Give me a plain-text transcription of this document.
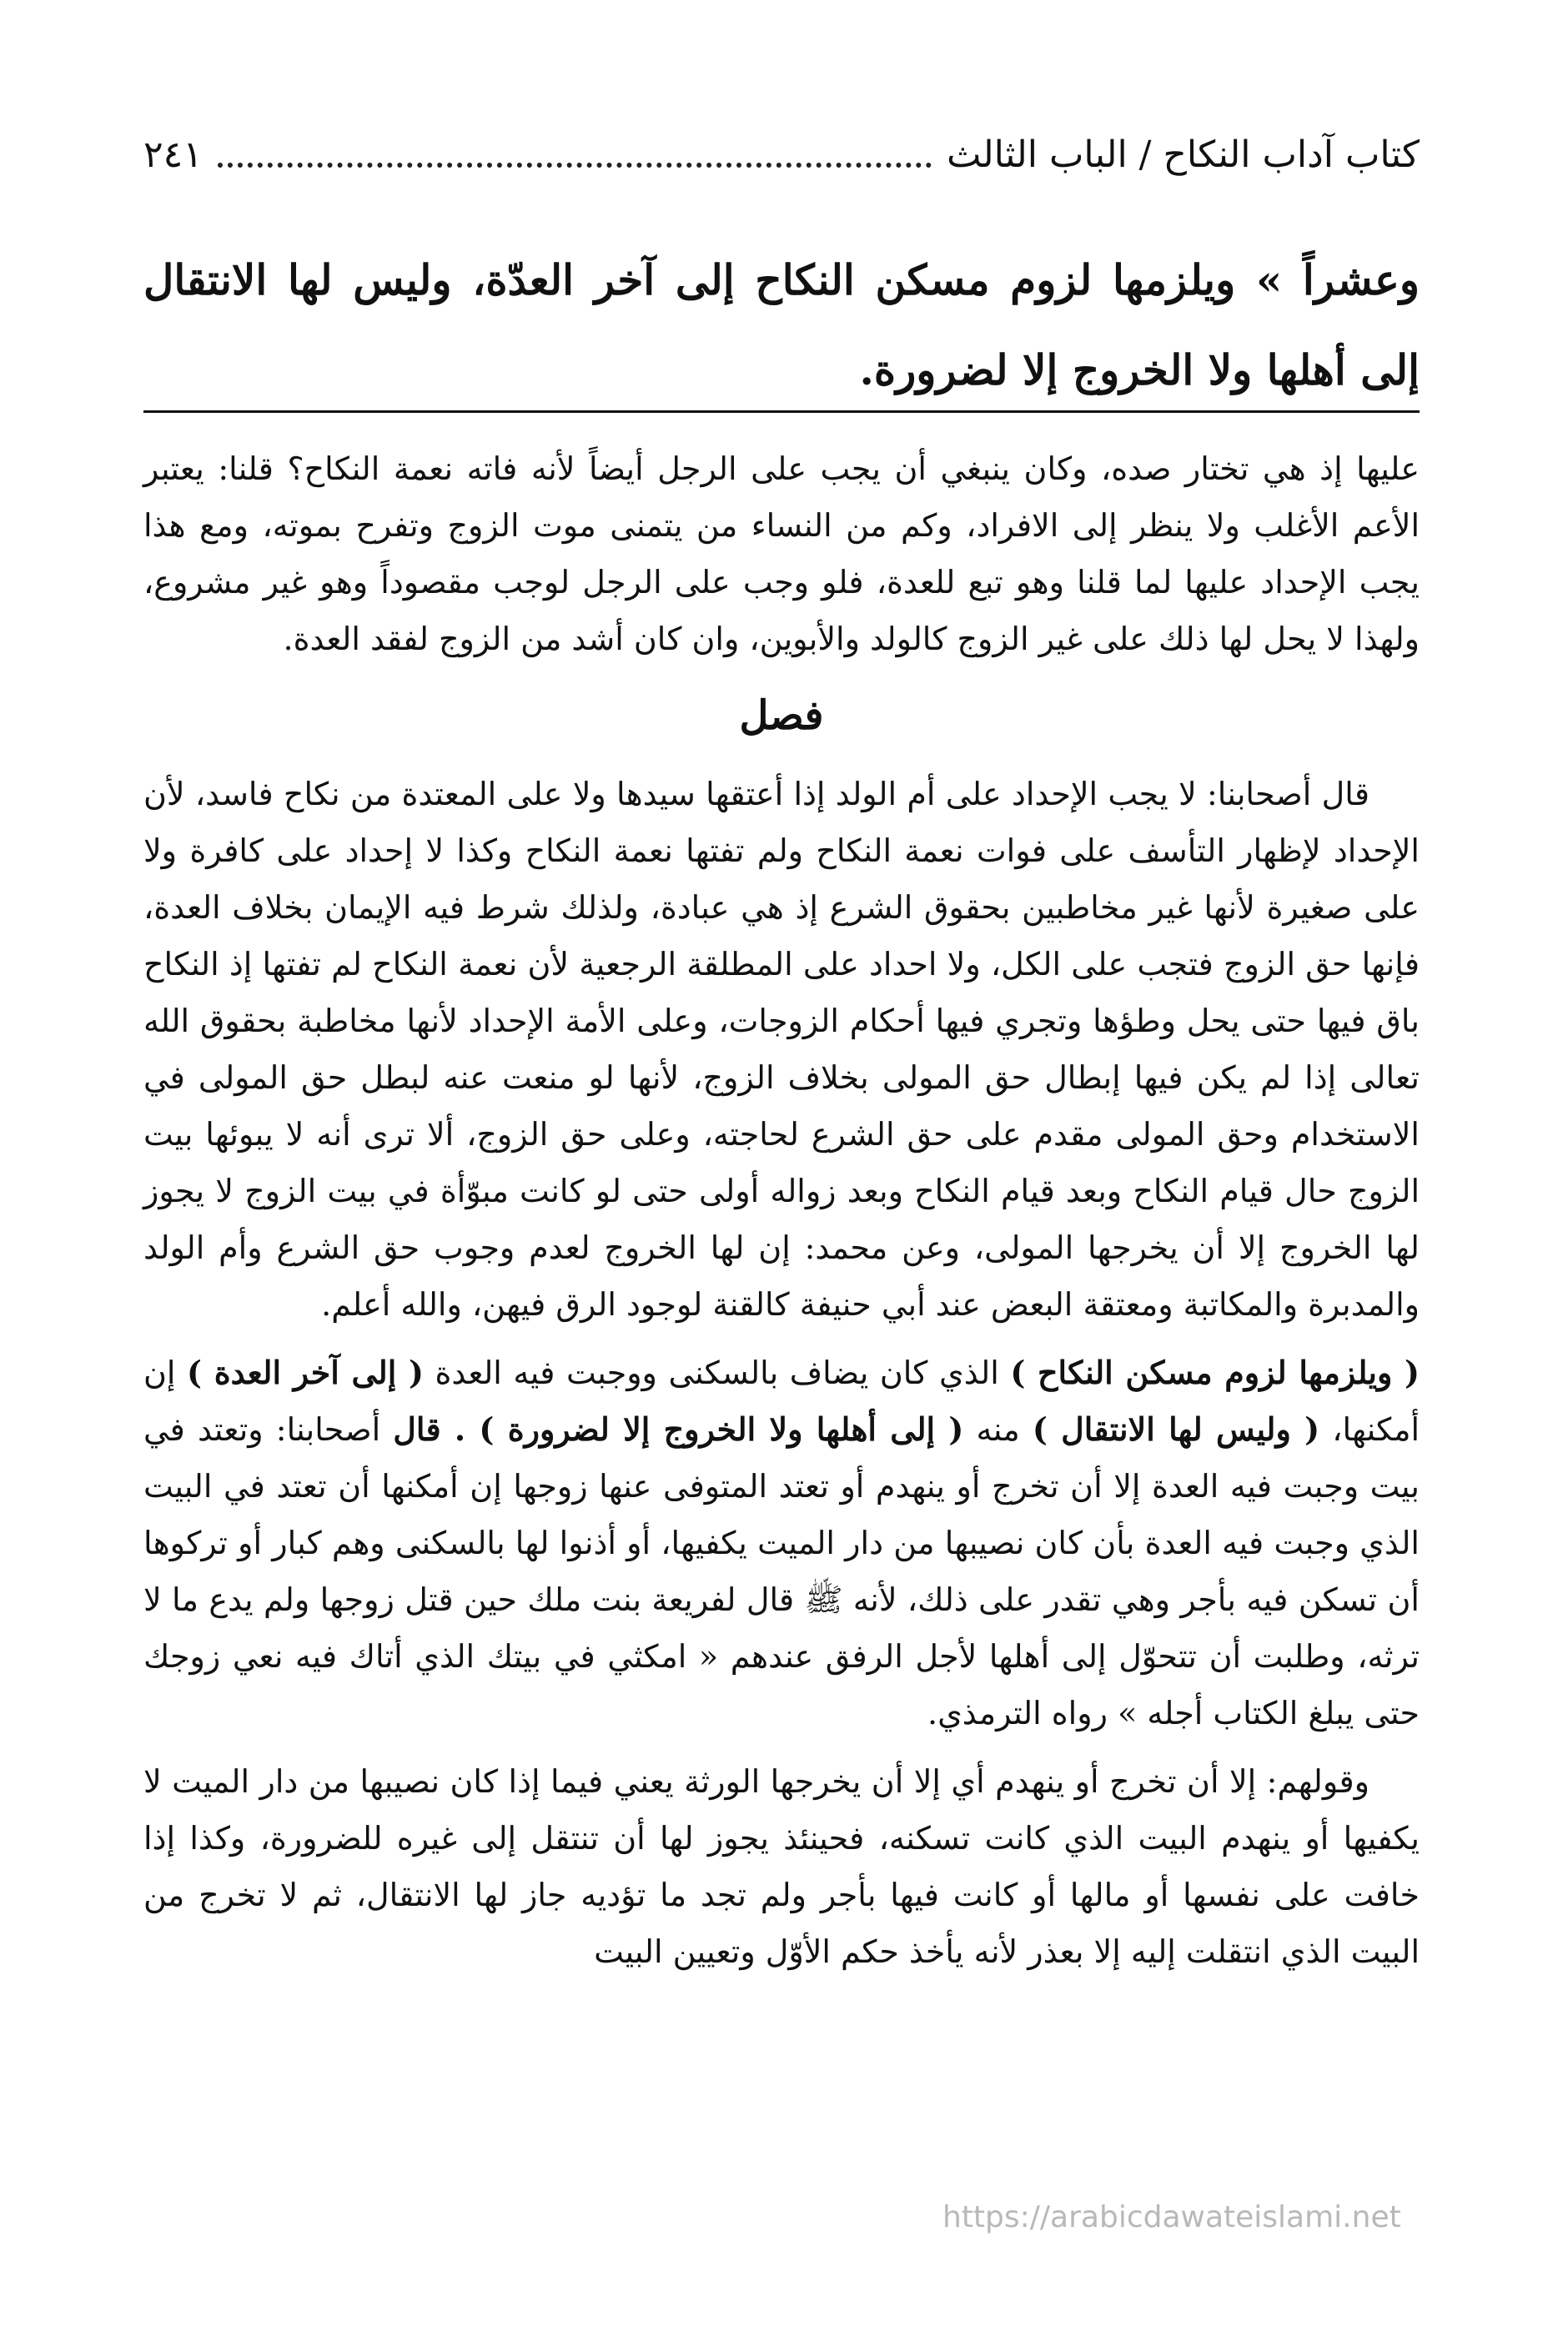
كتاب آداب النكاح / الباب الثالث
٢٤١
وعشراً » ويلزمها لزوم مسكن النكاح إلى آخر العدّة، وليس لها الانتقال إلى أهلها ولا الخروج إلا لضرورة.

عليها إذ هي تختار صده، وكان ينبغي أن يجب على الرجل أيضاً لأنه فاته نعمة النكاح؟ قلنا: يعتبر الأعم الأغلب ولا ينظر إلى الافراد، وكم من النساء من يتمنى موت الزوج وتفرح بموته، ومع هذا يجب الإحداد عليها لما قلنا وهو تبع للعدة، فلو وجب على الرجل لوجب مقصوداً وهو غير مشروع، ولهذا لا يحل لها ذلك على غير الزوج كالولد والأبوين، وان كان أشد من الزوج لفقد العدة.

فصل

قال أصحابنا: لا يجب الإحداد على أم الولد إذا أعتقها سيدها ولا على المعتدة من نكاح فاسد، لأن الإحداد لإظهار التأسف على فوات نعمة النكاح ولم تفتها نعمة النكاح وكذا لا إحداد على كافرة ولا على صغيرة لأنها غير مخاطبين بحقوق الشرع إذ هي عبادة، ولذلك شرط فيه الإيمان بخلاف العدة، فإنها حق الزوج فتجب على الكل، ولا احداد على المطلقة الرجعية لأن نعمة النكاح لم تفتها إذ النكاح باق فيها حتى يحل وطؤها وتجري فيها أحكام الزوجات، وعلى الأمة الإحداد لأنها مخاطبة بحقوق الله تعالى إذا لم يكن فيها إبطال حق المولى بخلاف الزوج، لأنها لو منعت عنه لبطل حق المولى في الاستخدام وحق المولى مقدم على حق الشرع لحاجته، وعلى حق الزوج، ألا ترى أنه لا يبوئها بيت الزوج حال قيام النكاح وبعد قيام النكاح وبعد زواله أولى حتى لو كانت مبوّأة في بيت الزوج لا يجوز لها الخروج إلا أن يخرجها المولى، وعن محمد: إن لها الخروج لعدم وجوب حق الشرع وأم الولد والمدبرة والمكاتبة ومعتقة البعض عند أبي حنيفة كالقنة لوجود الرق فيهن، والله أعلم.

( ويلزمها لزوم مسكن النكاح ) الذي كان يضاف بالسكنى ووجبت فيه العدة ( إلى آخر العدة ) إن أمكنها، ( وليس لها الانتقال ) منه ( إلى أهلها ولا الخروج إلا لضرورة ) . قال أصحابنا: وتعتد في بيت وجبت فيه العدة إلا أن تخرج أو ينهدم أو تعتد المتوفى عنها زوجها إن أمكنها أن تعتد في البيت الذي وجبت فيه العدة بأن كان نصيبها من دار الميت يكفيها، أو أذنوا لها بالسكنى وهم كبار أو تركوها أن تسكن فيه بأجر وهي تقدر على ذلك، لأنه ﷺ قال لفريعة بنت ملك حين قتل زوجها ولم يدع ما لا ترثه، وطلبت أن تتحوّل إلى أهلها لأجل الرفق عندهم « امكثي في بيتك الذي أتاك فيه نعي زوجك حتى يبلغ الكتاب أجله » رواه الترمذي.

وقولهم: إلا أن تخرج أو ينهدم أي إلا أن يخرجها الورثة يعني فيما إذا كان نصيبها من دار الميت لا يكفيها أو ينهدم البيت الذي كانت تسكنه، فحينئذ يجوز لها أن تنتقل إلى غيره للضرورة، وكذا إذا خافت على نفسها أو مالها أو كانت فيها بأجر ولم تجد ما تؤديه جاز لها الانتقال، ثم لا تخرج من البيت الذي انتقلت إليه إلا بعذر لأنه يأخذ حكم الأوّل وتعيين البيت

https://arabicdawateislami.net
